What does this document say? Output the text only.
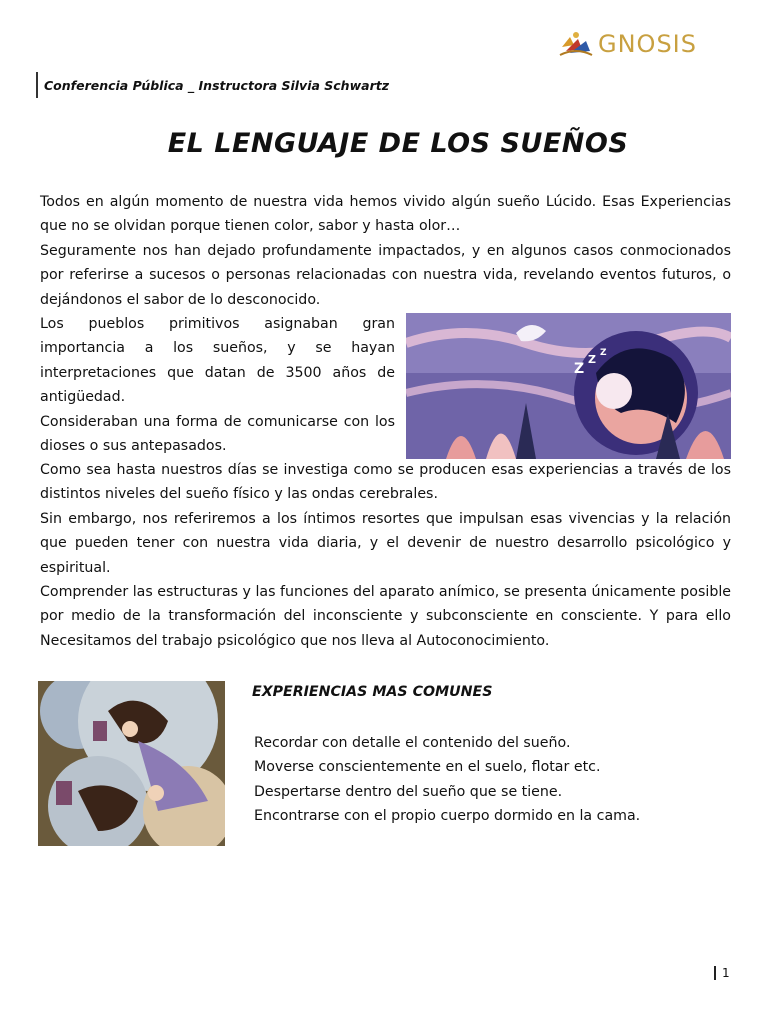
GNOSIS
Conferencia Pública _ Instructora Silvia Schwartz
EL LENGUAJE DE LOS SUEÑOS

Todos en algún momento de nuestra vida hemos vivido algún sueño Lúcido. Esas Experiencias que no se olvidan porque tienen color, sabor y hasta olor…

Seguramente nos han dejado profundamente impactados, y en algunos casos conmocionados por referirse a sucesos o personas relacionadas con nuestra vida, revelando eventos futuros, o dejándonos el sabor de lo desconocido.

Los pueblos primitivos asignaban gran importancia a los sueños, y se hayan interpretaciones que datan de 3500 años de antigüedad.

Consideraban una forma de comunicarse con los dioses o sus antepasados.

Z
Z Z

Como sea hasta nuestros días se investiga como se producen esas experiencias a través de los distintos niveles del sueño físico y las ondas cerebrales.

Sin embargo, nos referiremos a los íntimos resortes que impulsan esas vivencias y la relación que pueden tener con nuestra vida diaria, y el devenir de nuestro desarrollo psicológico y espiritual.

Comprender las estructuras y las funciones del aparato anímico, se presenta únicamente posible por medio de la transformación del inconsciente y subconsciente en consciente. Y para ello Necesitamos del trabajo psicológico que nos lleva al Autoconocimiento.

EXPERIENCIAS MAS COMUNES
Recordar con detalle el contenido del sueño.
Moverse conscientemente en el suelo, flotar etc.
Despertarse dentro del sueño que se tiene.
Encontrarse con el propio cuerpo dormido en la cama.
1
